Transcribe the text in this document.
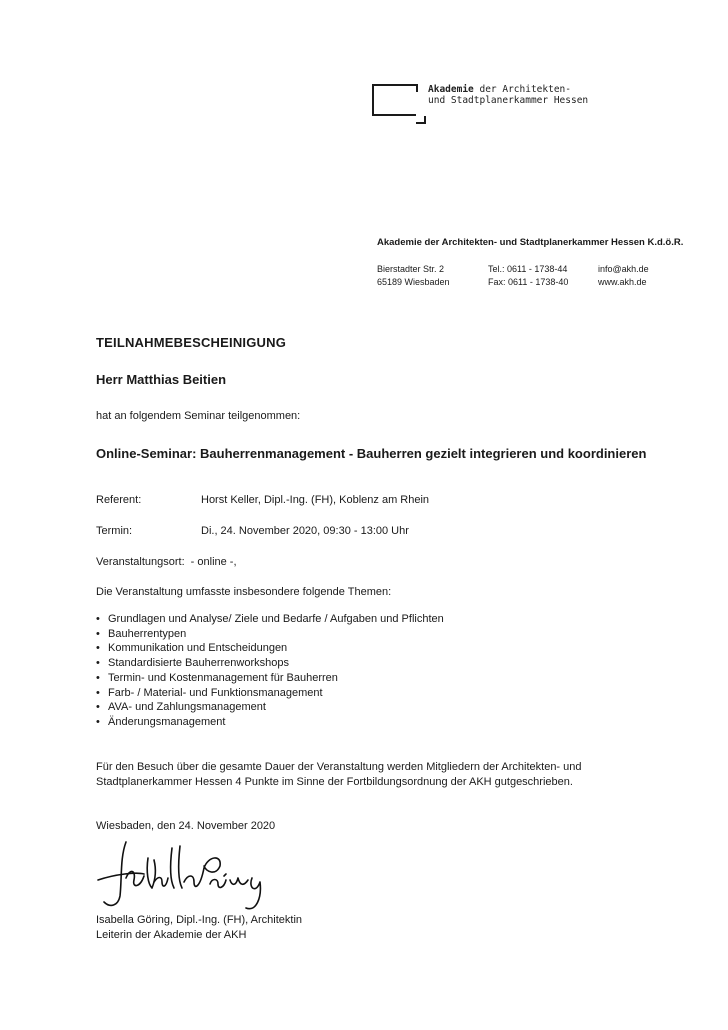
Akademie der Architekten-
und Stadtplanerkammer Hessen
Akademie der Architekten- und Stadtplanerkammer Hessen K.d.ö.R.
Bierstadter Str. 2
65189 Wiesbaden
Tel.: 0611 - 1738-44
Fax: 0611 - 1738-40
info@akh.de
www.akh.de
TEILNAHMEBESCHEINIGUNG
Herr Matthias Beitien
hat an folgendem Seminar teilgenommen:
Online-Seminar: Bauherrenmanagement - Bauherren gezielt integrieren und koordinieren
Referent:	Horst Keller, Dipl.-Ing. (FH), Koblenz am Rhein
Termin:	Di., 24. November 2020, 09:30 - 13:00 Uhr
Veranstaltungsort: - online -,
Die Veranstaltung umfasste insbesondere folgende Themen:
• Grundlagen und Analyse/ Ziele und Bedarfe / Aufgaben und Pflichten
• Bauherrentypen
• Kommunikation und Entscheidungen
• Standardisierte Bauherrenworkshops
• Termin- und Kostenmanagement für Bauherren
• Farb- / Material- und Funktionsmanagement
• AVA- und Zahlungsmanagement
• Änderungsmanagement
Für den Besuch über die gesamte Dauer der Veranstaltung werden Mitgliedern der Architekten- und Stadtplanerkammer Hessen 4 Punkte im Sinne der Fortbildungsordnung der AKH gutgeschrieben.
Wiesbaden, den 24. November 2020
Isabella Göring, Dipl.-Ing. (FH), Architektin
Leiterin der Akademie der AKH
